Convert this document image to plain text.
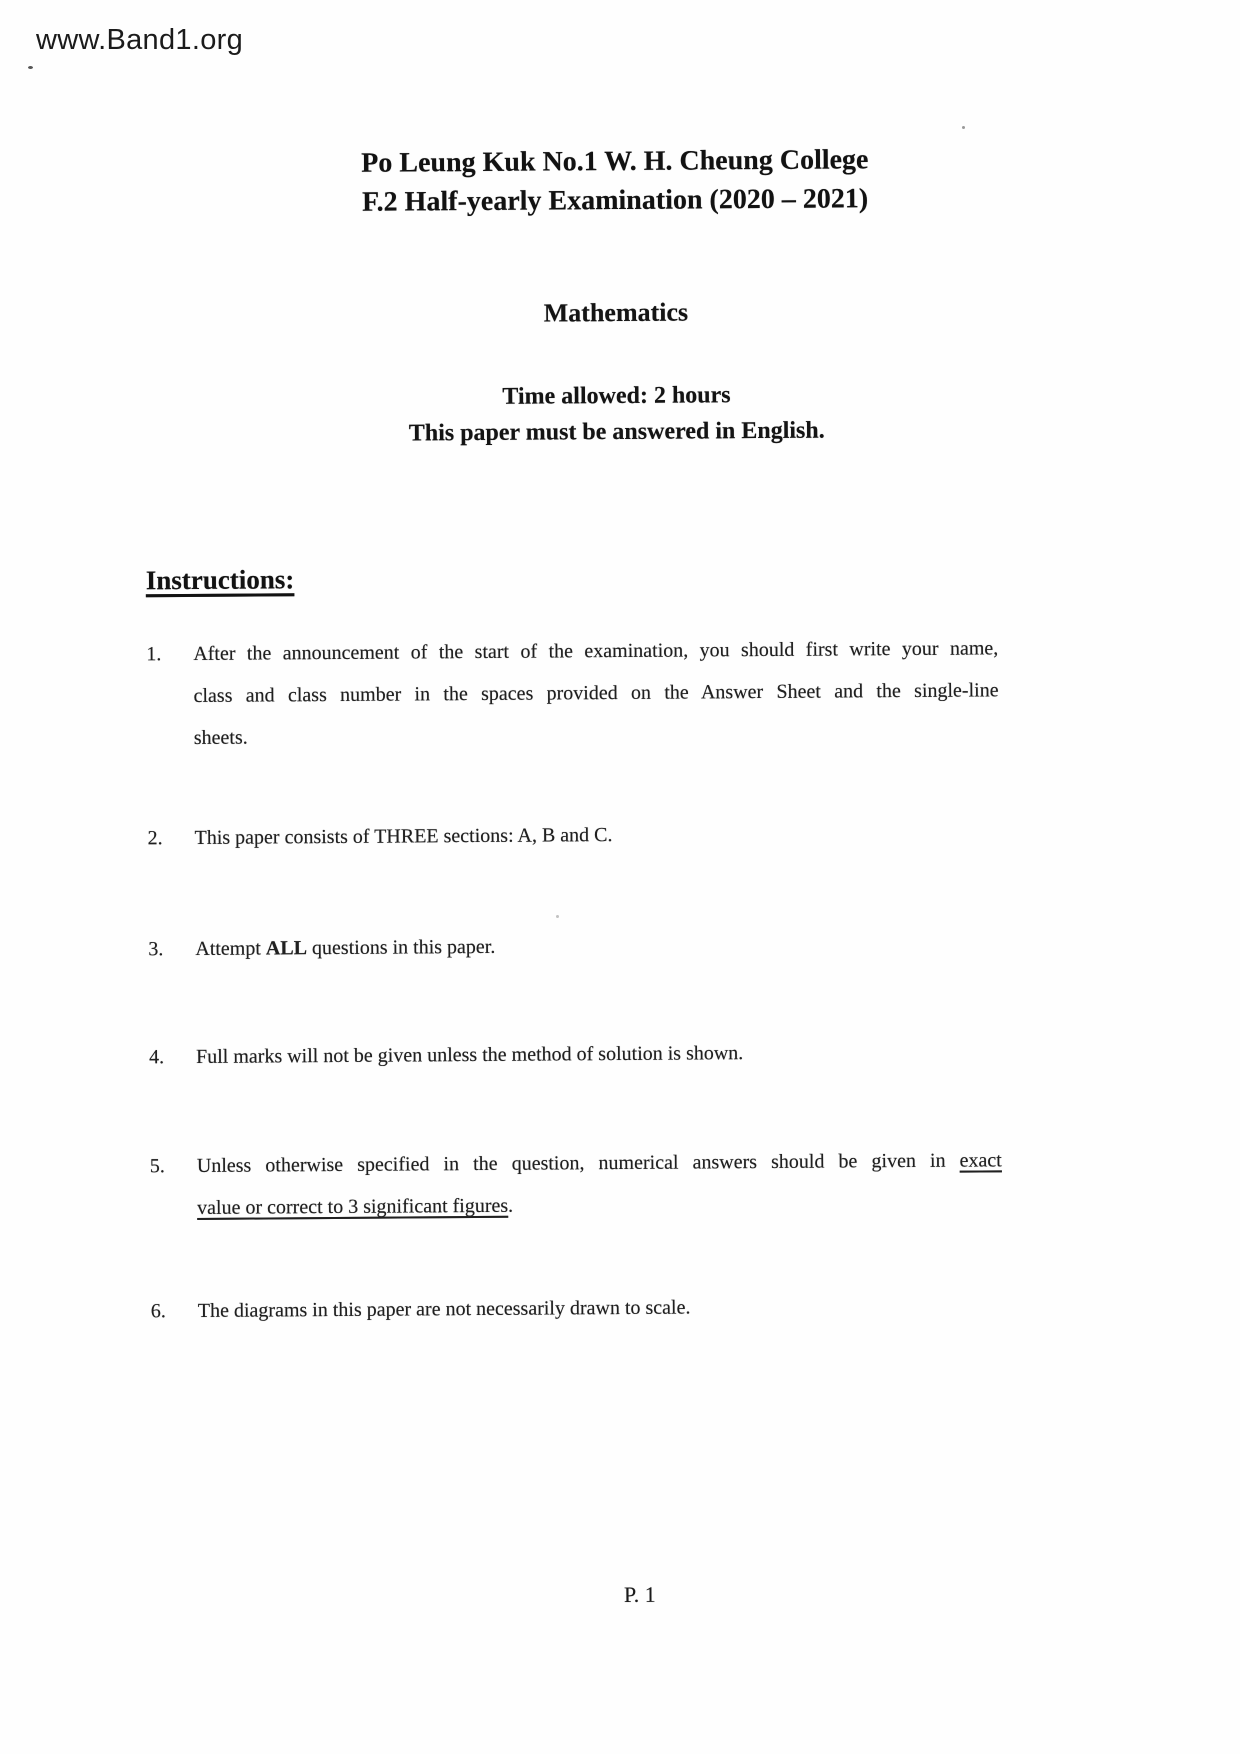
www.Band1.org
Po Leung Kuk No.1 W. H. Cheung College
F.2 Half-yearly Examination (2020 – 2021)
Mathematics
Time allowed: 2 hours
This paper must be answered in English.
Instructions:
1. After the announcement of the start of the examination, you should first write your name,
class and class number in the spaces provided on the Answer Sheet and the single-line
sheets.
2. This paper consists of THREE sections: A, B and C.
3. Attempt ALL questions in this paper.
4. Full marks will not be given unless the method of solution is shown.
5. Unless otherwise specified in the question, numerical answers should be given in exact
value or correct to 3 significant figures.
6. The diagrams in this paper are not necessarily drawn to scale.
P. 1
